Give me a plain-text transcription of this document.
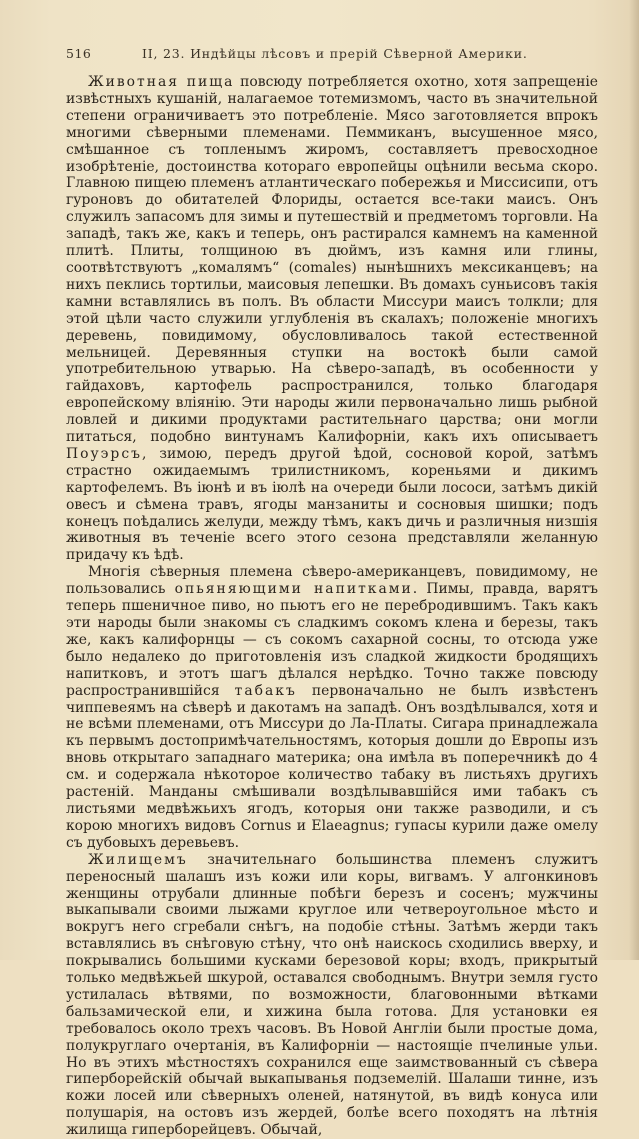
516	II, 23. Индѣйцы лѣсовъ и прерій Сѣверной Америки.

Животная пища повсюду потребляется охотно, хотя запрещеніе извѣстныхъ кушаній, налагаемое тотемизмомъ, часто въ значительной степени ограничиваетъ это потребленіе. Мясо заготовляется впрокъ многими сѣверными племенами. Пеммиканъ, высушенное мясо, смѣшанное съ топленымъ жиромъ, составляетъ превосходное изобрѣтеніе, достоинства котораго европейцы оцѣнили весьма скоро. Главною пищею племенъ атлантическаго побережья и Миссисипи, отъ гуроновъ до обитателей Флориды, остается все-таки маисъ. Онъ служилъ запасомъ для зимы и путешествій и предметомъ торговли. На западѣ, такъ же, какъ и теперь, онъ растирался камнемъ на каменной плитѣ. Плиты, толщиною въ дюймъ, изъ камня или глины, соотвѣтствуютъ „комалямъ“ (comales) нынѣшнихъ мексиканцевъ; на нихъ пеклись тортильи, маисовыя лепешки. Въ домахъ суньисовъ такія камни вставлялись въ полъ. Въ области Миссури маисъ толкли; для этой цѣли часто служили углубленія въ скалахъ; положеніе многихъ деревень, повидимому, обусловливалось такой естественной мельницей. Деревянныя ступки на востокѣ были самой употребительною утварью. На сѣверо-западѣ, въ особенности у гайдаховъ, картофель распространился, только благодаря европейскому вліянію. Эти народы жили первоначально лишь рыбной ловлей и дикими продуктами растительнаго царства; они могли питаться, подобно винтунамъ Калифорніи, какъ ихъ описываетъ Поуэрсъ, зимою, передъ другой ѣдой, сосновой корой, затѣмъ страстно ожидаемымъ трилистникомъ, кореньями и дикимъ картофелемъ. Въ іюнѣ и въ іюлѣ на очереди были лососи, затѣмъ дикій овесъ и сѣмена травъ, ягоды манзаниты и сосновыя шишки; подъ конецъ поѣдались желуди, между тѣмъ, какъ дичь и различныя низшія животныя въ теченіе всего этого сезона представляли желанную придачу къ ѣдѣ.

Многія сѣверныя племена сѣверо-американцевъ, повидимому, не пользовались опьяняющими напитками. Пимы, правда, варятъ теперь пшеничное пиво, но пьютъ его не перебродившимъ. Такъ какъ эти народы были знакомы съ сладкимъ сокомъ клена и березы, такъ же, какъ калифорнцы — съ сокомъ сахарной сосны, то отсюда уже было недалеко до приготовленія изъ сладкой жидкости бродящихъ напитковъ, и этотъ шагъ дѣлался нерѣдко. Точно также повсюду распространившійся табакъ первоначально не былъ извѣстенъ чиппевеямъ на сѣверѣ и дакотамъ на западѣ. Онъ воздѣлывался, хотя и не всѣми племенами, отъ Миссури до Ла-Платы. Сигара принадлежала къ первымъ достопримѣчательностямъ, которыя дошли до Европы изъ вновь открытаго западнаго материка; она имѣла въ поперечникѣ до 4 см. и содержала нѣкоторое количество табаку въ листьяхъ другихъ растеній. Манданы смѣшивали воздѣлывавшійся ими табакъ съ листьями медвѣжьихъ ягодъ, которыя они также разводили, и съ корою многихъ видовъ Cornus и Elaeagnus; гупасы курили даже омелу съ дубовыхъ деревьевъ.

Жилищемъ значительнаго большинства племенъ служитъ переносный шалашъ изъ кожи или коры, вигвамъ. У алгонкиновъ женщины отрубали длинные побѣги березъ и сосенъ; мужчины выкапывали своими лыжами круглое или четвероугольное мѣсто и вокругъ него сгребали снѣгъ, на подобіе стѣны. Затѣмъ жерди такъ вставлялись въ снѣговую стѣну, что онѣ наискось сходились вверху, и покрывались большими кусками березовой коры; входъ, прикрытый только медвѣжьей шкурой, оставался свободнымъ. Внутри земля густо устилалась вѣтвями, по возможности, благовонными вѣтками бальзамической ели, и хижина была готова. Для установки ея требовалось около трехъ часовъ. Въ Новой Англіи были простые дома, полукруглаго очертанія, въ Калифорніи — настоящіе пчелиные ульи. Но въ этихъ мѣстностяхъ сохранился еще заимствованный съ сѣвера гиперборейскій обычай выкапыванья подземелій. Шалаши тинне, изъ кожи лосей или сѣверныхъ оленей, натянутой, въ видѣ конуса или полушарія, на остовъ изъ жердей, болѣе всего походятъ на лѣтнія жилища гиперборейцевъ. Обычай,
